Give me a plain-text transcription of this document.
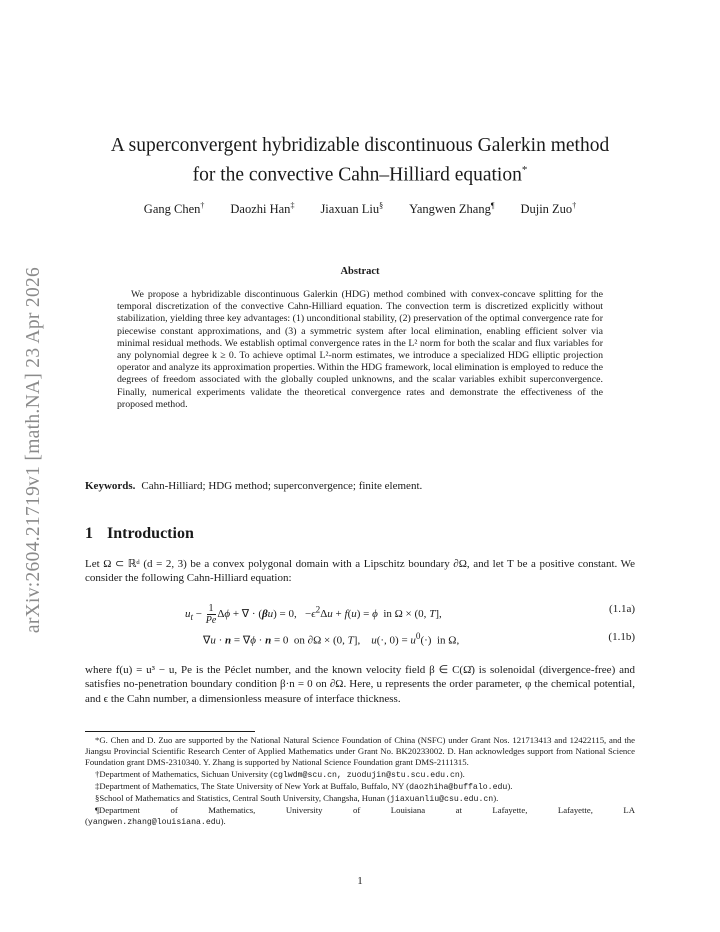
arXiv:2604.21719v1 [math.NA] 23 Apr 2026
A superconvergent hybridizable discontinuous Galerkin method
for the convective Cahn–Hilliard equation*
Gang Chen† Daozhi Han‡ Jiaxuan Liu§ Yangwen Zhang¶ Dujin Zuo†
Abstract

We propose a hybridizable discontinuous Galerkin (HDG) method combined with convex-concave splitting for the temporal discretization of the convective Cahn-Hilliard equation. The convection term is discretized explicitly without stabilization, yielding three key advantages: (1) unconditional stability, (2) preservation of the optimal convergence rate for piecewise constant approximations, and (3) a symmetric system after local elimination, enabling efficient solver via minimal residual methods. We establish optimal convergence rates in the L² norm for both the scalar and flux variables for any polynomial degree k ≥ 0. To achieve optimal L²-norm estimates, we introduce a specialized HDG elliptic projection operator and analyze its approximation properties. Within the HDG framework, local elimination is employed to reduce the degrees of freedom associated with the globally coupled unknowns, and the scalar variables exhibit superconvergence. Finally, numerical experiments validate the theoretical convergence rates and demonstrate the effectiveness of the proposed method.

Keywords. Cahn-Hilliard; HDG method; superconvergence; finite element.
1 Introduction
Let Ω ⊂ ℝᵈ (d = 2, 3) be a convex polygonal domain with a Lipschitz boundary ∂Ω, and let T be a positive constant. We consider the following Cahn-Hilliard equation:
$u_t - \frac{1}{Pe}$ Δϕ + ∇ · (βu) = 0,   $-\epsilon^2\Delta u + f(u) = \phi$  in Ω × (0, T],	(1.1a)
∇u · n = ∇ϕ · n = 0  on ∂Ω × (0, T],    u(·, $0) = u^0(\cdot)$  in Ω,	(1.1b)
where f(u) = u³ − u, Pe is the Péclet number, and the known velocity field β ∈ C(Ω̄) is solenoidal (divergence-free) and satisfies no-penetration boundary condition β·n = 0 on ∂Ω. Here, u represents the order parameter, φ the chemical potential, and ϵ the Cahn number, a dimensionless measure of interface thickness.

*G. Chen and D. Zuo are supported by the National Natural Science Foundation of China (NSFC) under Grant Nos. 121713413 and 12422115, and the Jiangsu Provincial Scientific Research Center of Applied Mathematics under Grant No. BK20233002. D. Han acknowledges support from National Science Foundation grant DMS-2310340. Y. Zhang is supported by National Science Foundation grant DMS-2111315.

†Department of Mathematics, Sichuan University (cglwdm@scu.cn, zuodujin@stu.scu.edu.cn).

‡Department of Mathematics, The State University of New York at Buffalo, Buffalo, NY (daozhiha@buffalo.edu).

§School of Mathematics and Statistics, Central South University, Changsha, Hunan (jiaxuanliu@csu.edu.cn).

¶Department of Mathematics, University of Louisiana at Lafayette, Lafayette, LA

(yangwen.zhang@louisiana.edu).
1
